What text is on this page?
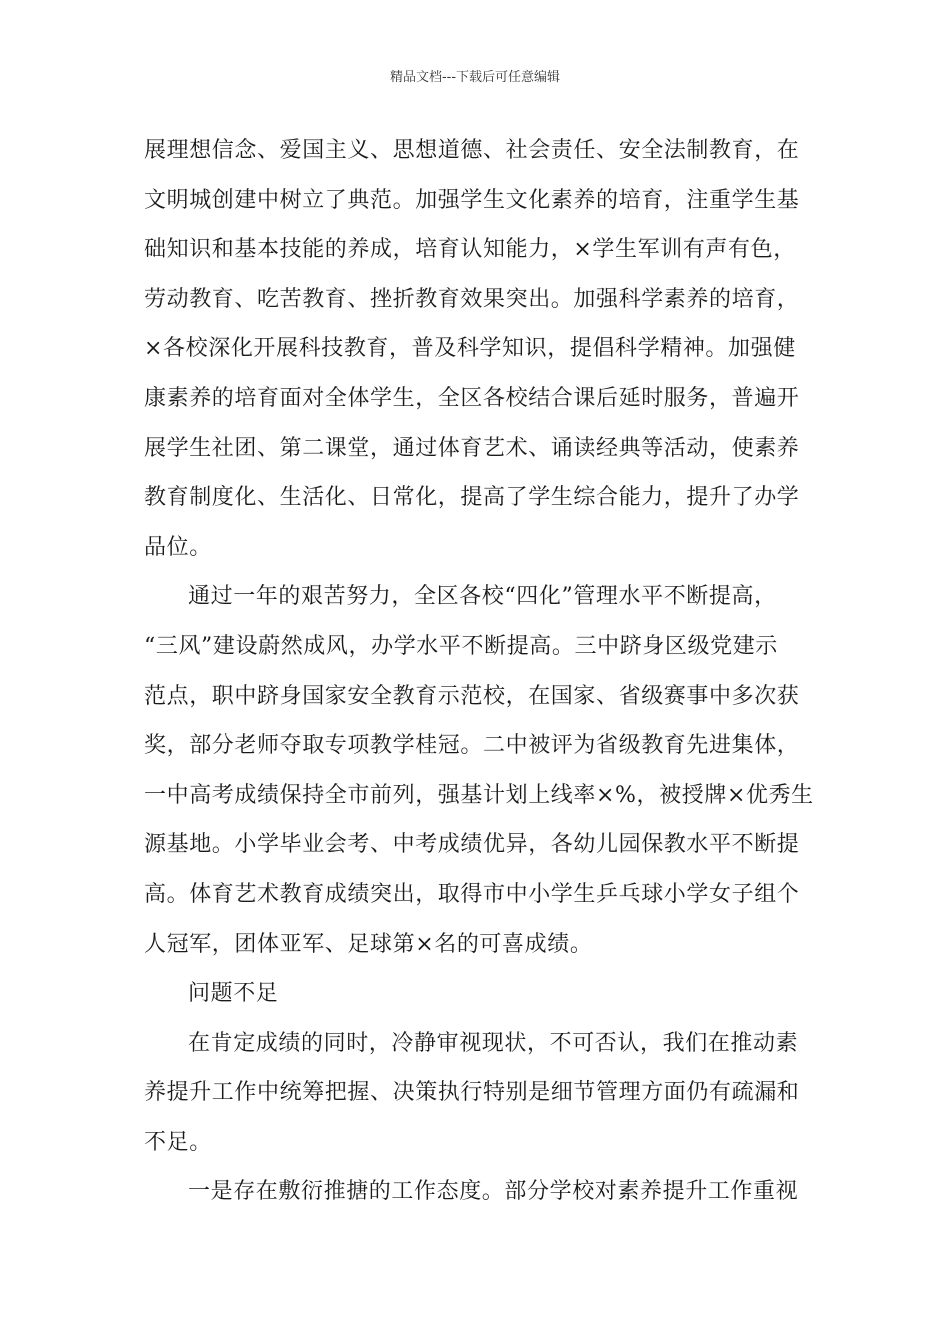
精品文档---下载后可任意编辑
展理想信念、爱国主义、思想道德、社会责任、安全法制教育，在
文明城创建中树立了典范。加强学生文化素养的培育，注重学生基
础知识和基本技能的养成，培育认知能力，×学生军训有声有色，
劳动教育、吃苦教育、挫折教育效果突出。加强科学素养的培育，
×各校深化开展科技教育，普及科学知识，提倡科学精神。加强健
康素养的培育面对全体学生，全区各校结合课后延时服务，普遍开
展学生社团、第二课堂，通过体育艺术、诵读经典等活动，使素养
教育制度化、生活化、日常化，提高了学生综合能力，提升了办学
品位。
通过一年的艰苦努力，全区各校“四化”管理水平不断提高，
“三风”建设蔚然成风，办学水平不断提高。三中跻身区级党建示
范点，职中跻身国家安全教育示范校，在国家、省级赛事中多次获
奖，部分老师夺取专项教学桂冠。二中被评为省级教育先进集体，
一中高考成绩保持全市前列，强基计划上线率×%，被授牌×优秀生
源基地。小学毕业会考、中考成绩优异，各幼儿园保教水平不断提
高。体育艺术教育成绩突出，取得市中小学生乒乓球小学女子组个
人冠军，团体亚军、足球第×名的可喜成绩。
问题不足
在肯定成绩的同时，冷静审视现状，不可否认，我们在推动素
养提升工作中统筹把握、决策执行特别是细节管理方面仍有疏漏和
不足。
一是存在敷衍推搪的工作态度。部分学校对素养提升工作重视
